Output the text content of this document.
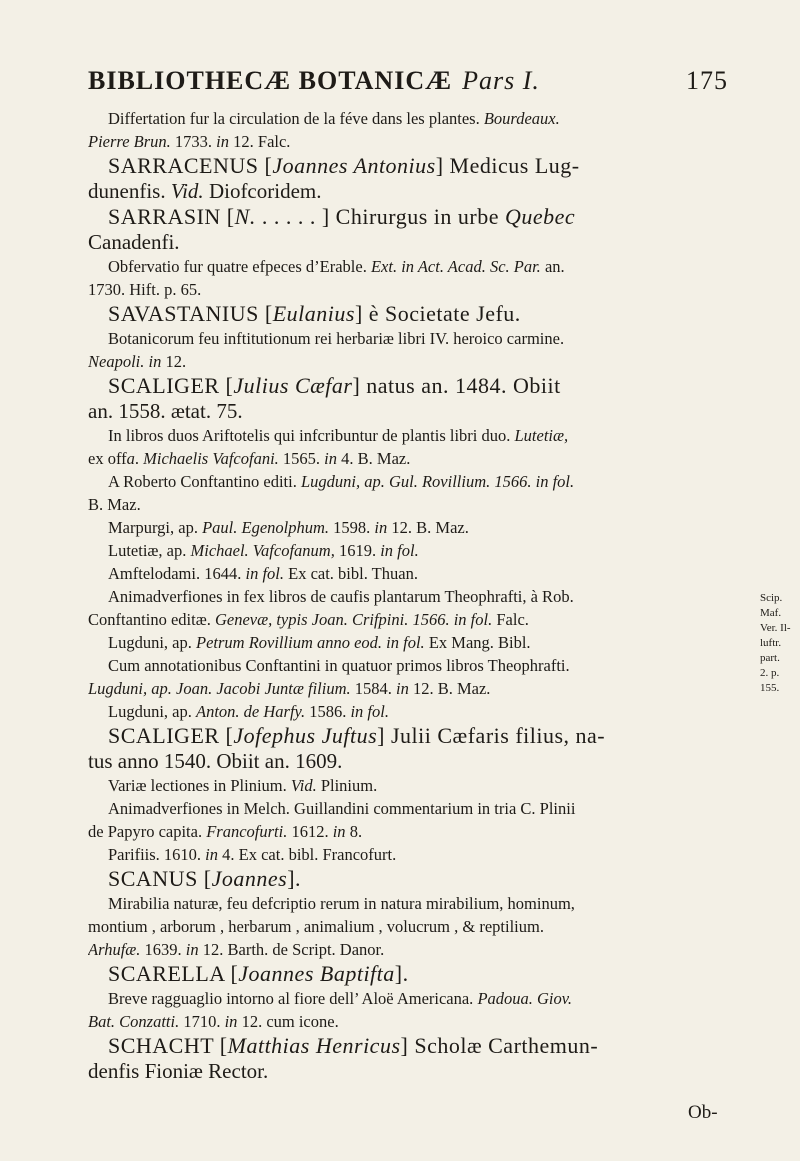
BIBLIOTHECÆ BOTANICÆ Pars I.	175
Differtation fur la circulation de la féve dans les plantes. Bourdeaux.
Pierre Brun. 1733. in 12. Falc.
SARRACENUS [Joannes Antonius] Medicus Lug-
dunenfis. Vid. Diofcoridem.
SARRASIN [N. . . . . . ] Chirurgus in urbe Quebec
Canadenfi.
Obfervatio fur quatre efpeces d’Erable. Ext. in Act. Acad. Sc. Par. an.
1730. Hift. p. 65.
SAVASTANIUS [Eulanius] è Societate Jefu.
Botanicorum feu inftitutionum rei herbariæ libri IV. heroico carmine.
Neapoli. in 12.
SCALIGER [Julius Cæfar] natus an. 1484. Obiit
an. 1558. ætat. 75.
In libros duos Ariftotelis qui infcribuntur de plantis libri duo. Lutetiæ,
ex offa. Michaelis Vafcofani. 1565. in 4. B. Maz.
A Roberto Conftantino editi. Lugduni, ap. Gul. Rovillium. 1566. in fol.
B. Maz.
Marpurgi, ap. Paul. Egenolphum. 1598. in 12. B. Maz.
Lutetiæ, ap. Michael. Vafcofanum, 1619. in fol.
Amftelodami. 1644. in fol. Ex cat. bibl. Thuan.
Animadverfiones in fex libros de caufis plantarum Theophrafti, à Rob.
Conftantino editæ. Genevæ, typis Joan. Crifpini. 1566. in fol. Falc.
Lugduni, ap. Petrum Rovillium anno eod. in fol. Ex Mang. Bibl.
Cum annotationibus Conftantini in quatuor primos libros Theophrafti.
Lugduni, ap. Joan. Jacobi Juntæ filium. 1584. in 12. B. Maz.
Lugduni, ap. Anton. de Harfy. 1586. in fol.
SCALIGER [Jofephus Juftus] Julii Cæfaris filius, na-
tus anno 1540. Obiit an. 1609.
Variæ lectiones in Plinium. Vid. Plinium.
Animadverfiones in Melch. Guillandini commentarium in tria C. Plinii
de Papyro capita. Francofurti. 1612. in 8.
Parifiis. 1610. in 4. Ex cat. bibl. Francofurt.
SCANUS [Joannes].
Mirabilia naturæ, feu defcriptio rerum in natura mirabilium, hominum,
montium , arborum , herbarum , animalium , volucrum , & reptilium.
Arhufæ. 1639. in 12. Barth. de Script. Danor.
SCARELLA [Joannes Baptifta].
Breve ragguaglio intorno al fiore dell’ Aloë Americana. Padoua. Giov.
Bat. Conzatti. 1710. in 12. cum icone.
SCHACHT [Matthias Henricus] Scholæ Carthemun-
denfis Fioniæ Rector.
Scip. Maf.
Ver. Il-
luftr. part.
2. p. 155.
Ob-
